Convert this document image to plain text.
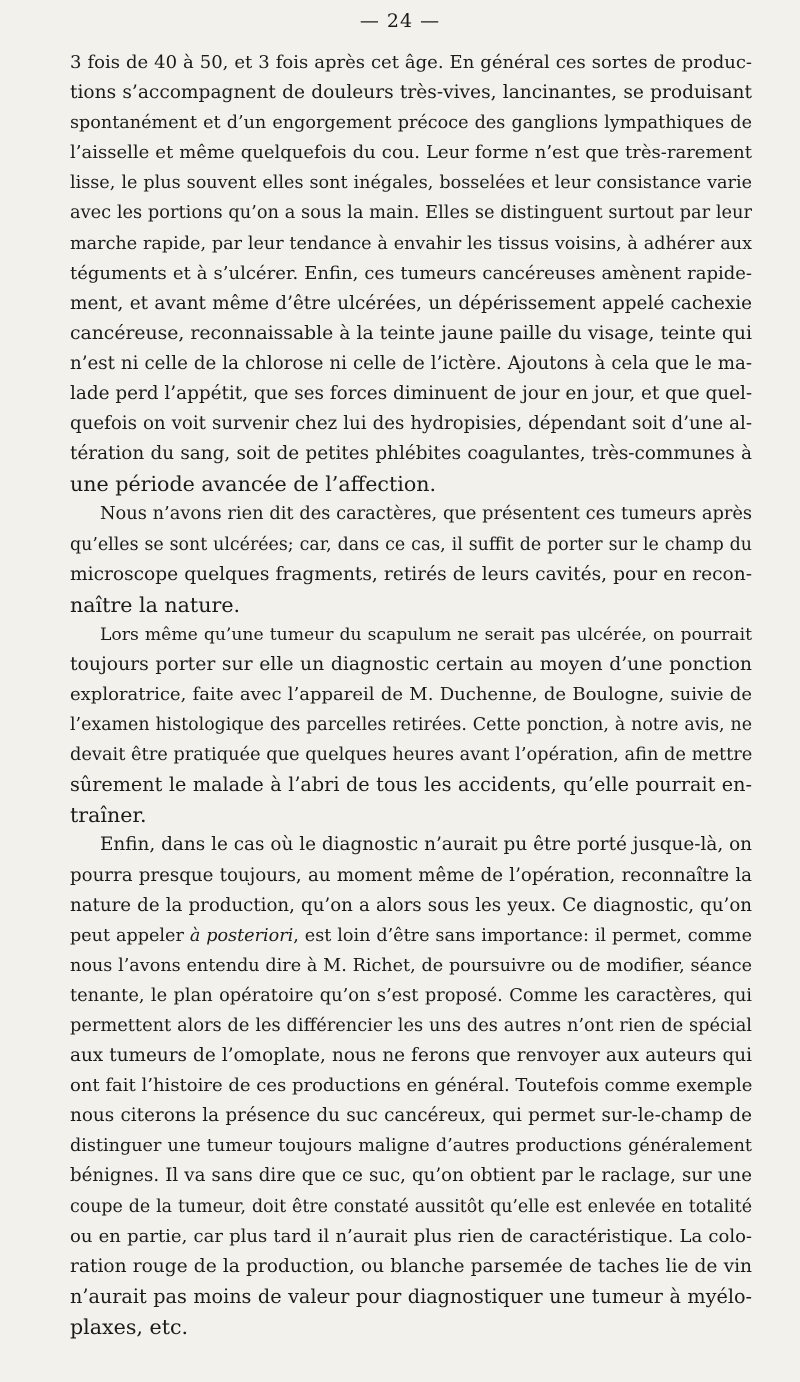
— 24 —
3 fois de 40 à 50, et 3 fois après cet âge. En général ces sortes de produc-
tions s’accompagnent de douleurs très-vives, lancinantes, se produisant
spontanément et d’un engorgement précoce des ganglions lympathiques de
l’aisselle et même quelquefois du cou. Leur forme n’est que très-rarement
lisse, le plus souvent elles sont inégales, bosselées et leur consistance varie
avec les portions qu’on a sous la main. Elles se distinguent surtout par leur
marche rapide, par leur tendance à envahir les tissus voisins, à adhérer aux
téguments et à s’ulcérer. Enfin, ces tumeurs cancéreuses amènent rapide-
ment, et avant même d’être ulcérées, un dépérissement appelé cachexie
cancéreuse, reconnaissable à la teinte jaune paille du visage, teinte qui
n’est ni celle de la chlorose ni celle de l’ictère. Ajoutons à cela que le ma-
lade perd l’appétit, que ses forces diminuent de jour en jour, et que quel-
quefois on voit survenir chez lui des hydropisies, dépendant soit d’une al-
tération du sang, soit de petites phlébites coagulantes, très-communes à
une période avancée de l’affection.
Nous n’avons rien dit des caractères, que présentent ces tumeurs après
qu’elles se sont ulcérées; car, dans ce cas, il suffit de porter sur le champ du
microscope quelques fragments, retirés de leurs cavités, pour en recon-
naître la nature.
Lors même qu’une tumeur du scapulum ne serait pas ulcérée, on pourrait
toujours porter sur elle un diagnostic certain au moyen d’une ponction
exploratrice, faite avec l’appareil de M. Duchenne, de Boulogne, suivie de
l’examen histologique des parcelles retirées. Cette ponction, à notre avis, ne
devait être pratiquée que quelques heures avant l’opération, afin de mettre
sûrement le malade à l’abri de tous les accidents, qu’elle pourrait en-
traîner.
Enfin, dans le cas où le diagnostic n’aurait pu être porté jusque-là, on
pourra presque toujours, au moment même de l’opération, reconnaître la
nature de la production, qu’on a alors sous les yeux. Ce diagnostic, qu’on
peut appeler à posteriori, est loin d’être sans importance: il permet, comme
nous l’avons entendu dire à M. Richet, de poursuivre ou de modifier, séance
tenante, le plan opératoire qu’on s’est proposé. Comme les caractères, qui
permettent alors de les différencier les uns des autres n’ont rien de spécial
aux tumeurs de l’omoplate, nous ne ferons que renvoyer aux auteurs qui
ont fait l’histoire de ces productions en général. Toutefois comme exemple
nous citerons la présence du suc cancéreux, qui permet sur-le-champ de
distinguer une tumeur toujours maligne d’autres productions généralement
bénignes. Il va sans dire que ce suc, qu’on obtient par le raclage, sur une
coupe de la tumeur, doit être constaté aussitôt qu’elle est enlevée en totalité
ou en partie, car plus tard il n’aurait plus rien de caractéristique. La colo-
ration rouge de la production, ou blanche parsemée de taches lie de vin
n’aurait pas moins de valeur pour diagnostiquer une tumeur à myélo-
plaxes, etc.
